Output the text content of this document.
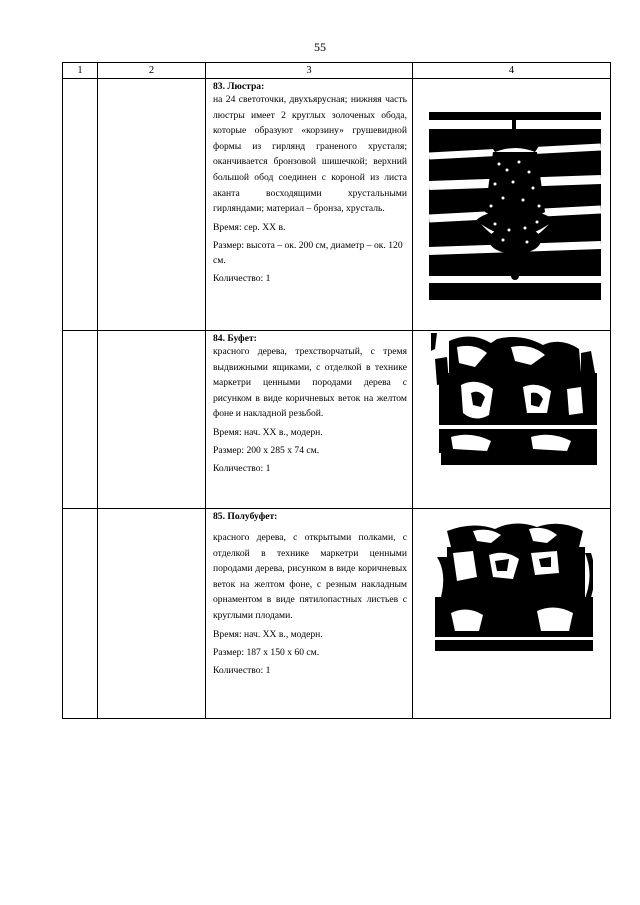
55
1	2	3	4

		83. Люстра:

на 24 светоточки, двухъярусная; нижняя часть люстры имеет 2 круглых золоченых обода, которые образуют «корзину» грушевидной формы из гирлянд граненого хрусталя; оканчивается бронзовой шишечкой; верхний большой обод соединен с короной из листа аканта восходящими хрустальными гирляндами; материал – бронза, хрусталь.

Время: сер. XX в.

Размер: высота – ок. 200 см, диаметр – ок. 120 см.

Количество: 1

		84. Буфет:

красного дерева, трехстворчатый, с тремя выдвижными ящиками, с отделкой в технике маркетри ценными породами дерева с рисунком в виде коричневых веток на желтом фоне и накладной резьбой.

Время: нач. XX в., модерн.

Размер: 200 х 285 х 74 см.

Количество: 1

		85. Полубуфет:

красного дерева, с открытыми полками, с отделкой в технике маркетри ценными породами дерева, рисунком в виде коричневых веток на желтом фоне, с резным накладным орнаментом в виде пятилопастных листьев с круглыми плодами.

Время: нач. XX в., модерн.

Размер: 187 х 150 х 60 см.

Количество: 1
